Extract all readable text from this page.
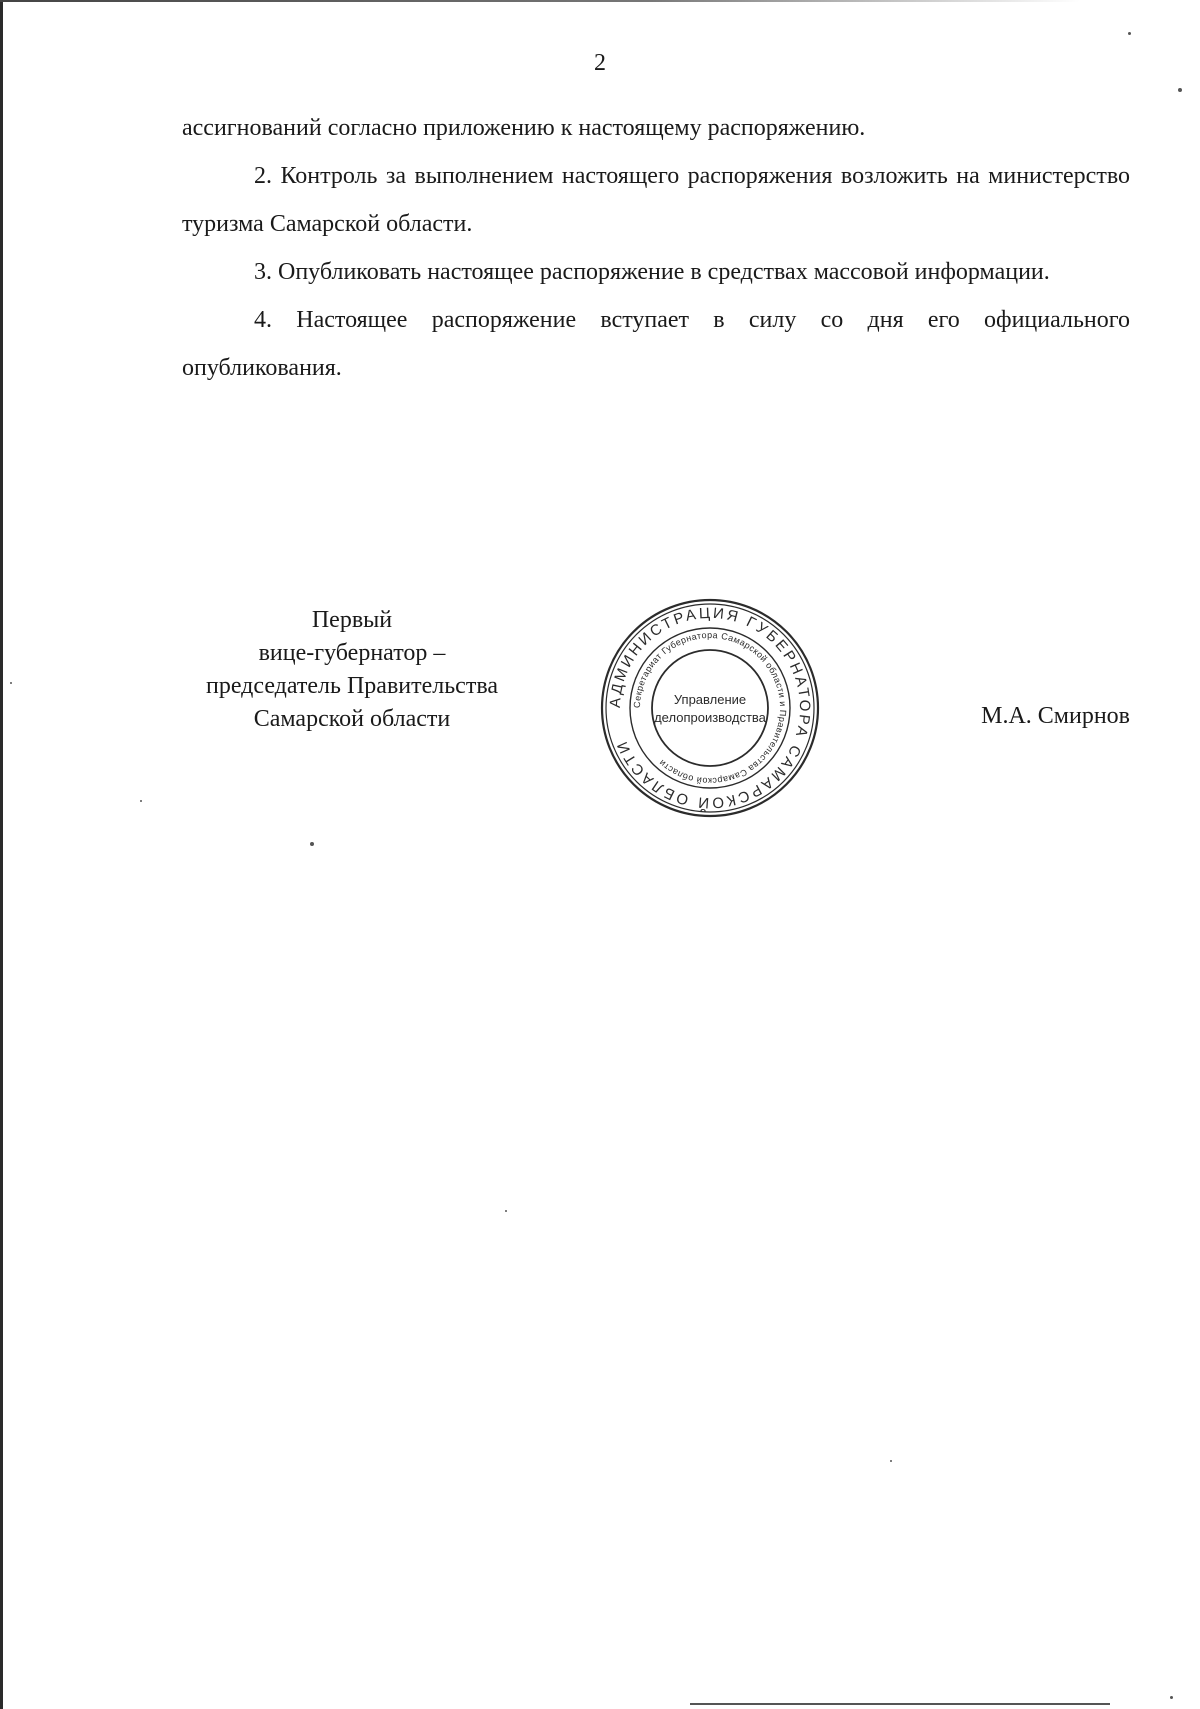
2

ассигнований согласно приложению к настоящему распоряжению.

2. Контроль за выполнением настоящего распоряжения возложить на министерство туризма Самарской области.

3. Опубликовать настоящее распоряжение в средствах массовой информации.

4. Настоящее распоряжение вступает в силу со дня его официального опубликования.

Первый
вице-губернатор –
председатель Правительства
Самарской области
АДМИНИСТРАЦИЯ ГУБЕРНАТОРА САМАРСКОЙ ОБЛАСТИ
Секретариат Губернатора Самарской области и Правительства Самарской области
Управление
делопроизводства	М.А. Смирнов
